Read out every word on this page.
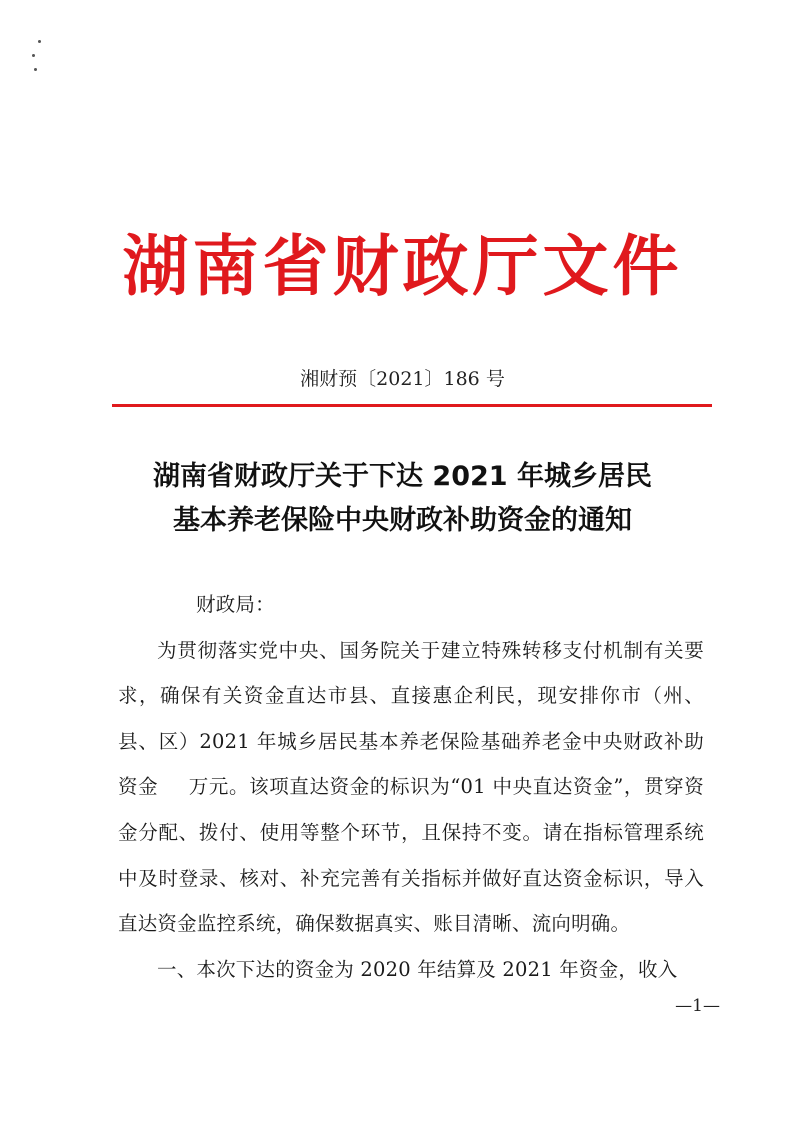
湖南省财政厅文件
湘财预〔2021〕186 号
湖南省财政厅关于下达 2021 年城乡居民
基本养老保险中央财政补助资金的通知

财政局：

为贯彻落实党中央、国务院关于建立特殊转移支付机制有关要求，确保有关资金直达市县、直接惠企利民，现安排你市（州、县、区）2021 年城乡居民基本养老保险基础养老金中央财政补助资金 万元。该项直达资金的标识为“01 中央直达资金”，贯穿资金分配、拨付、使用等整个环节，且保持不变。请在指标管理系统中及时登录、核对、补充完善有关指标并做好直达资金标识，导入直达资金监控系统，确保数据真实、账目清晰、流向明确。

一、本次下达的资金为 2020 年结算及 2021 年资金，收入

—1—
